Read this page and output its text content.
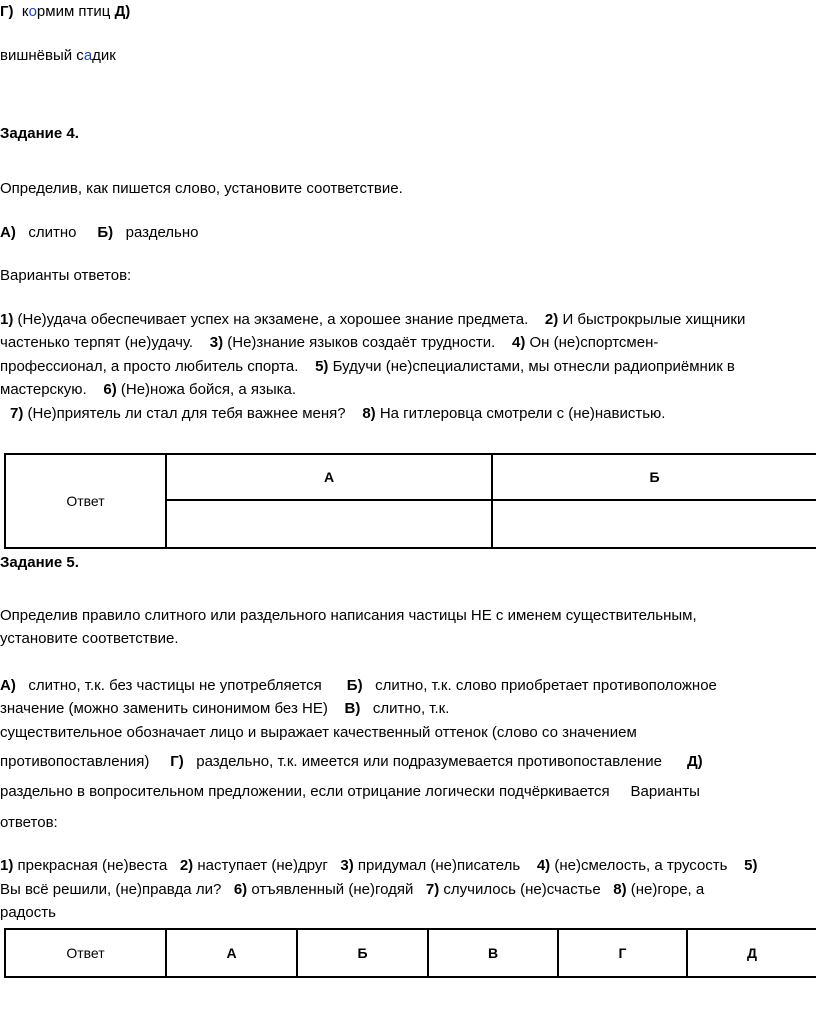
Г) кормим птиц Д)
вишнёвый садик
Задание 4.
Определив, как пишется слово, установите соответствие.
А) слитно Б) раздельно
Варианты ответов:
1) (Не)удача обеспечивает успех на экзамене, а хорошее знание предмета. 2) И быстрокрылые хищники
частенько терпят (не)удачу. 3) (Не)знание языков создаёт трудности. 4) Он (не)спортсмен-
профессионал, а просто любитель спорта. 5) Будучи (не)специалистами, мы отнесли радиоприёмник в
мастерскую. 6) (Не)ножа бойся, а языка.
7) (Не)приятель ли стал для тебя важнее меня? 8) На гитлеровца смотрели с (не)навистью.
Ответ	А	Б

Задание 5.
Определив правило слитного или раздельного написания частицы НЕ с именем существительным,
установите соответствие.
А) слитно, т.к. без частицы не употребляется Б) слитно, т.к. слово приобретает противоположное
значение (можно заменить синонимом без НЕ) В) слитно, т.к.
существительное обозначает лицо и выражает качественный оттенок (слово со значением
противопоставления) Г) раздельно, т.к. имеется или подразумевается противопоставление Д)
раздельно в вопросительном предложении, если отрицание логически подчёркивается Варианты
ответов:
1) прекрасная (не)веста 2) наступает (не)друг 3) придумал (не)писатель 4) (не)смелость, а трусость 5)
Вы всё решили, (не)правда ли? 6) отъявленный (не)годяй 7) случилось (не)счастье 8) (не)горе, а
радость
Ответ	А	Б	В	Г	Д
